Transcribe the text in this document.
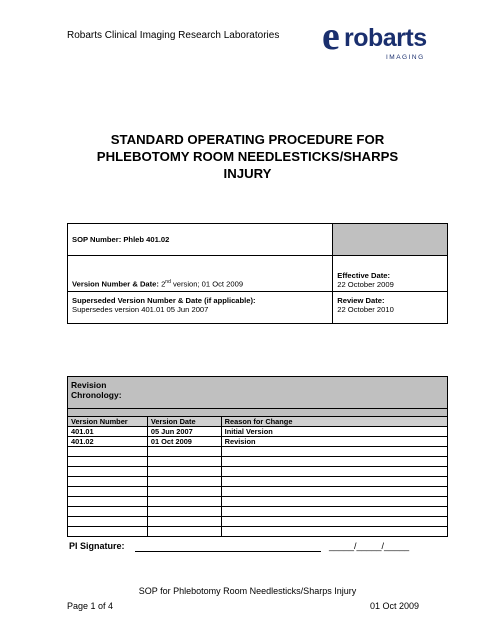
Robarts Clinical Imaging Research Laboratories e robarts
IMAGING
STANDARD OPERATING PROCEDURE FOR
PHLEBOTOMY ROOM NEEDLESTICKS/SHARPS
INJURY
SOP Number: Phleb 401.02	
Version Number & Date: 2nd version; 01 Oct 2009	Effective Date:
22 October 2009
Superseded Version Number & Date (if applicable):
Supersedes version 401.01 05 Jun 2007	Review Date:
22 October 2010
Revision Chronology:		

Version Number	Version Date	Reason for Change
401.01	05 Jun 2007	Initial Version
401.02	01 Oct 2009	Revision

PI Signature:	_____/_____/_____
SOP for Phlebotomy Room Needlesticks/Sharps Injury
Page 1 of 4	01 Oct 2009
